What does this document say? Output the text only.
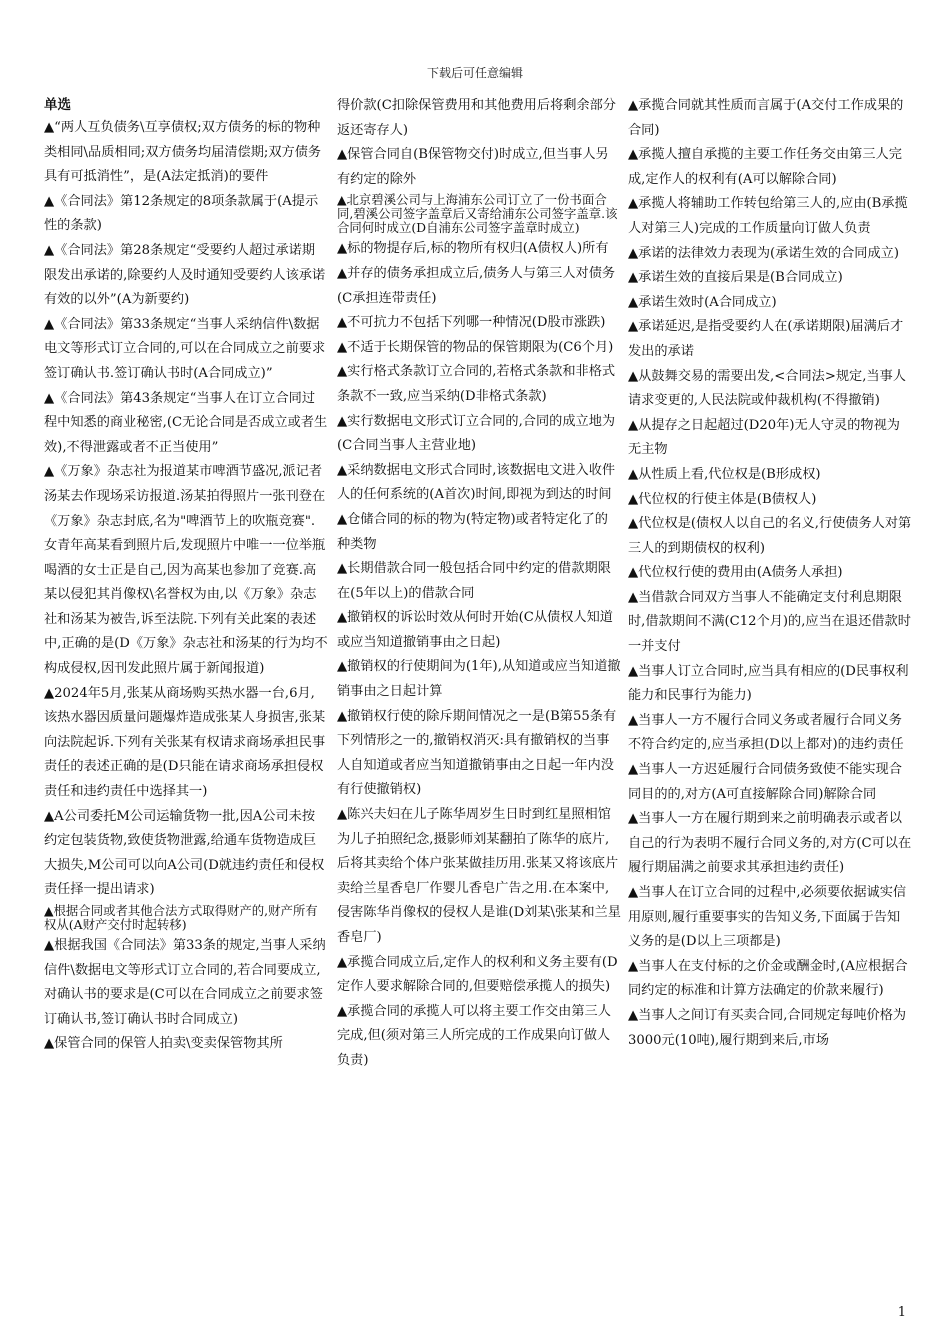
下载后可任意编辑

单选

▲“两人互负债务\互享债权;双方债务的标的物种类相同\品质相同;双方债务均届清偿期;双方债务具有可抵消性”，是(A法定抵消)的要件

▲《合同法》第12条规定的8项条款属于(A提示性的条款)

▲《合同法》第28条规定“受要约人超过承诺期限发出承诺的,除要约人及时通知受要约人该承诺有效的以外”(A为新要约)

▲《合同法》第33条规定“当事人采纳信件\数据电文等形式订立合同的,可以在合同成立之前要求签订确认书.签订确认书时(A合同成立)”

▲《合同法》第43条规定“当事人在订立合同过程中知悉的商业秘密,(C无论合同是否成立或者生效),不得泄露或者不正当使用”

▲《万象》杂志社为报道某市啤酒节盛况,派记者汤某去作现场采访报道.汤某拍得照片一张刊登在《万象》杂志封底,名为"啤酒节上的吹瓶竞赛".女青年高某看到照片后,发现照片中唯一一位举瓶喝酒的女士正是自己,因为高某也参加了竞赛.高某以侵犯其肖像权\名誉权为由,以《万象》杂志社和汤某为被告,诉至法院.下列有关此案的表述中,正确的是(D《万象》杂志社和汤某的行为均不构成侵权,因刊发此照片属于新闻报道)

▲2024年5月,张某从商场购买热水器一台,6月,该热水器因质量问题爆炸造成张某人身损害,张某向法院起诉.下列有关张某有权请求商场承担民事责任的表述正确的是(D只能在请求商场承担侵权责任和违约责任中选择其一)

▲A公司委托M公司运输货物一批,因A公司未按约定包装货物,致使货物泄露,给通车货物造成巨大损失,M公司可以向A公司(D就违约责任和侵权责任择一提出请求)

▲根据合同或者其他合法方式取得财产的,财产所有权从(A财产交付时起转移)

▲根据我国《合同法》第33条的规定,当事人采纳信件\数据电文等形式订立合同的,若合同要成立,对确认书的要求是(C可以在合同成立之前要求签订确认书,签订确认书时合同成立)

▲保管合同的保管人拍卖\变卖保管物其所

得价款(C扣除保管费用和其他费用后将剩余部分返还寄存人)

▲保管合同自(B保管物交付)时成立,但当事人另有约定的除外

▲北京碧溪公司与上海浦东公司订立了一份书面合同,碧溪公司签字盖章后又寄给浦东公司签字盖章.该合同何时成立(D自浦东公司签字盖章时成立)

▲标的物提存后,标的物所有权归(A债权人)所有

▲并存的债务承担成立后,债务人与第三人对债务(C承担连带责任)

▲不可抗力不包括下列哪一种情况(D股市涨跌)

▲不适于长期保管的物品的保管期限为(C6个月)

▲实行格式条款订立合同的,若格式条款和非格式条款不一致,应当采纳(D非格式条款)

▲实行数据电文形式订立合同的,合同的成立地为(C合同当事人主营业地)

▲采纳数据电文形式合同时,该数据电文进入收件人的任何系统的(A首次)时间,即视为到达的时间

▲仓储合同的标的物为(特定物)或者特定化了的种类物

▲长期借款合同一般包括合同中约定的借款期限在(5年以上)的借款合同

▲撤销权的诉讼时效从何时开始(C从债权人知道或应当知道撤销事由之日起)

▲撤销权的行使期间为(1年),从知道或应当知道撤销事由之日起计算

▲撤销权行使的除斥期间情况之一是(B第55条有下列情形之一的,撤销权消灭:具有撤销权的当事人自知道或者应当知道撤销事由之日起一年内没有行使撤销权)

▲陈兴夫妇在儿子陈华周岁生日时到红星照相馆为儿子拍照纪念,摄影师刘某翻拍了陈华的底片,后将其卖给个体户张某做挂历用.张某又将该底片卖给兰星香皂厂作婴儿香皂广告之用.在本案中,侵害陈华肖像权的侵权人是谁(D刘某\张某和兰星香皂厂)

▲承揽合同成立后,定作人的权利和义务主要有(D定作人要求解除合同的,但要赔偿承揽人的损失)

▲承揽合同的承揽人可以将主要工作交由第三人完成,但(须对第三人所完成的工作成果向订做人负责)

▲承揽合同就其性质而言属于(A交付工作成果的合同)

▲承揽人擅自承揽的主要工作任务交由第三人完成,定作人的权利有(A可以解除合同)

▲承揽人将辅助工作转包给第三人的,应由(B承揽人对第三人)完成的工作质量向订做人负责

▲承诺的法律效力表现为(承诺生效的合同成立)

▲承诺生效的直接后果是(B合同成立)

▲承诺生效时(A合同成立)

▲承诺延迟,是指受要约人在(承诺期限)届满后才发出的承诺

▲从鼓舞交易的需要出发,<合同法>规定,当事人请求变更的,人民法院或仲裁机构(不得撤销)

▲从提存之日起超过(D20年)无人守灵的物视为无主物

▲从性质上看,代位权是(B形成权)

▲代位权的行使主体是(B债权人)

▲代位权是(债权人以自己的名义,行使债务人对第三人的到期债权的权利)

▲代位权行使的费用由(A债务人承担)

▲当借款合同双方当事人不能确定支付利息期限时,借款期间不满(C12个月)的,应当在退还借款时一并支付

▲当事人订立合同时,应当具有相应的(D民事权利能力和民事行为能力)

▲当事人一方不履行合同义务或者履行合同义务不符合约定的,应当承担(D以上都对)的违约责任

▲当事人一方迟延履行合同债务致使不能实现合同目的的,对方(A可直接解除合同)解除合同

▲当事人一方在履行期到来之前明确表示或者以自己的行为表明不履行合同义务的,对方(C可以在履行期届满之前要求其承担违约责任)

▲当事人在订立合同的过程中,必须要依据诚实信用原则,履行重要事实的告知义务,下面属于告知义务的是(D以上三项都是)

▲当事人在支付标的之价金或酬金时,(A应根据合同约定的标准和计算方法确定的价款来履行)

▲当事人之间订有买卖合同,合同规定每吨价格为3000元(10吨),履行期到来后,市场

1
